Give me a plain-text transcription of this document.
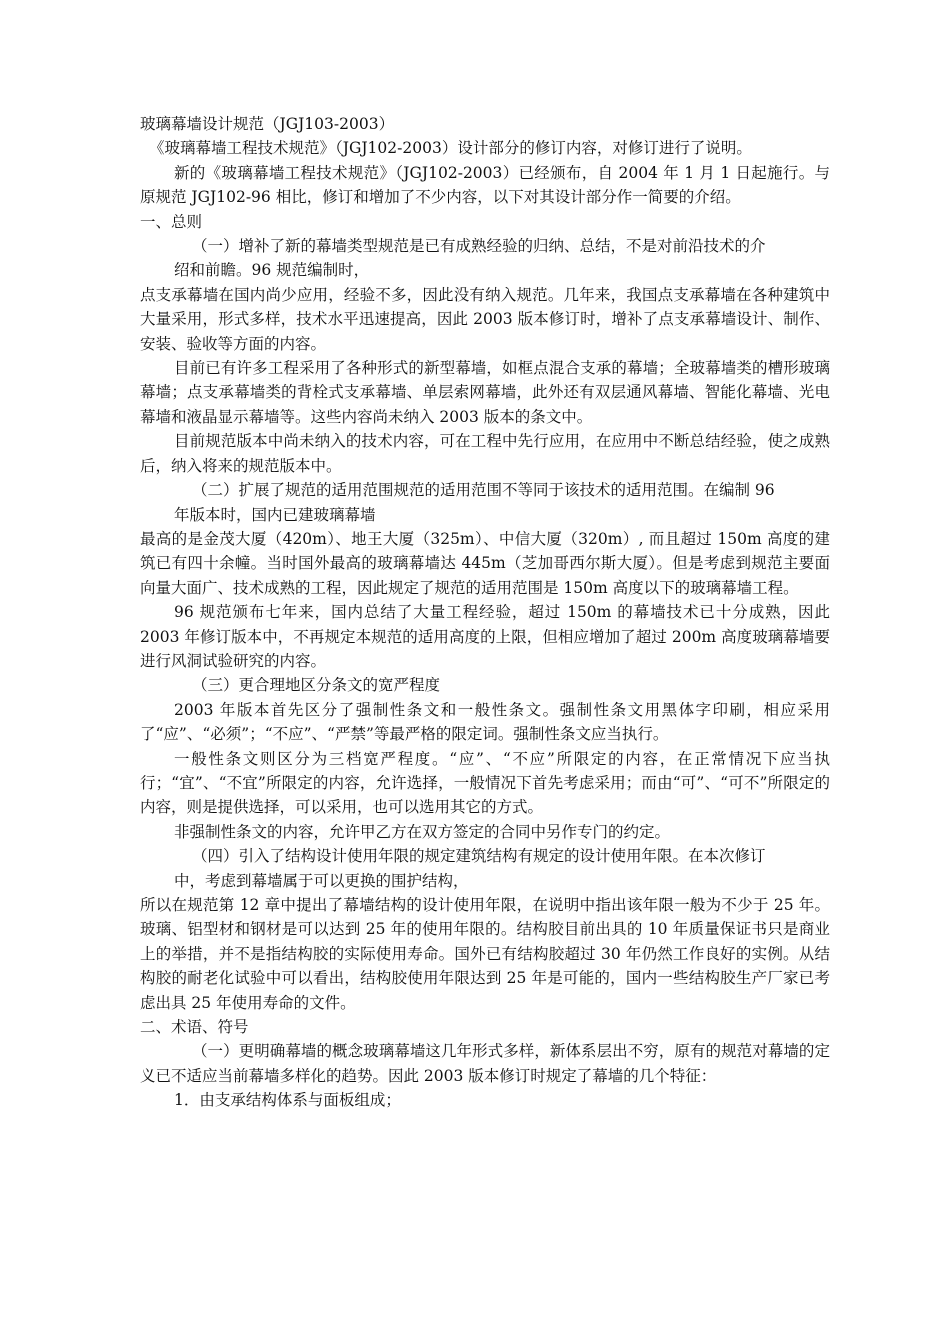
玻璃幕墙设计规范（JGJ103-2003）

《玻璃幕墙工程技术规范》（JGJ102-2003）设计部分的修订内容，对修订进行了说明。

新的《玻璃幕墙工程技术规范》（JGJ102-2003）已经颁布，自 2004 年 1 月 1 日起施行。与原规范 JGJ102-96 相比，修订和增加了不少内容，以下对其设计部分作一简要的介绍。

一、总则

（一）增补了新的幕墙类型规范是已有成熟经验的归纳、总结，不是对前沿技术的介

绍和前瞻。96 规范编制时，

点支承幕墙在国内尚少应用，经验不多，因此没有纳入规范。几年来，我国点支承幕墙在各种建筑中大量采用，形式多样，技术水平迅速提高，因此 2003 版本修订时，增补了点支承幕墙设计、制作、安装、验收等方面的内容。

目前已有许多工程采用了各种形式的新型幕墙，如框点混合支承的幕墙；全玻幕墙类的槽形玻璃幕墙；点支承幕墙类的背栓式支承幕墙、单层索网幕墙，此外还有双层通风幕墙、智能化幕墙、光电幕墙和液晶显示幕墙等。这些内容尚未纳入 2003 版本的条文中。

目前规范版本中尚未纳入的技术内容，可在工程中先行应用，在应用中不断总结经验，使之成熟后，纳入将来的规范版本中。

（二）扩展了规范的适用范围规范的适用范围不等同于该技术的适用范围。在编制 96

年版本时，国内已建玻璃幕墙

最高的是金茂大厦（420m）、地王大厦（325m）、中信大厦（320m）, 而且超过 150m 高度的建筑已有四十余幢。当时国外最高的玻璃幕墙达 445m（芝加哥西尔斯大厦）。但是考虑到规范主要面向量大面广、技术成熟的工程，因此规定了规范的适用范围是 150m 高度以下的玻璃幕墙工程。

96 规范颁布七年来，国内总结了大量工程经验，超过 150m 的幕墙技术已十分成熟，因此 2003 年修订版本中，不再规定本规范的适用高度的上限，但相应增加了超过 200m 高度玻璃幕墙要进行风洞试验研究的内容。

（三）更合理地区分条文的宽严程度

2003 年版本首先区分了强制性条文和一般性条文。强制性条文用黑体字印刷，相应采用了“应”、“必须”；“不应”、“严禁”等最严格的限定词。强制性条文应当执行。

一般性条文则区分为三档宽严程度。“应”、“不应”所限定的内容，在正常情况下应当执行；“宜”、“不宜”所限定的内容，允许选择，一般情况下首先考虑采用；而由“可”、“可不”所限定的内容，则是提供选择，可以采用，也可以选用其它的方式。

非强制性条文的内容，允许甲乙方在双方签定的合同中另作专门的约定。

（四）引入了结构设计使用年限的规定建筑结构有规定的设计使用年限。在本次修订

中，考虑到幕墙属于可以更换的围护结构，

所以在规范第 12 章中提出了幕墙结构的设计使用年限，在说明中指出该年限一般为不少于 25 年。玻璃、铝型材和钢材是可以达到 25 年的使用年限的。结构胶目前出具的 10 年质量保证书只是商业上的举措，并不是指结构胶的实际使用寿命。国外已有结构胶超过 30 年仍然工作良好的实例。从结构胶的耐老化试验中可以看出，结构胶使用年限达到 25 年是可能的，国内一些结构胶生产厂家已考虑出具 25 年使用寿命的文件。

二、术语、符号

（一）更明确幕墙的概念玻璃幕墙这几年形式多样，新体系层出不穷，原有的规范对幕墙的定义已不适应当前幕墙多样化的趋势。因此 2003 版本修订时规定了幕墙的几个特征：

1．由支承结构体系与面板组成；
